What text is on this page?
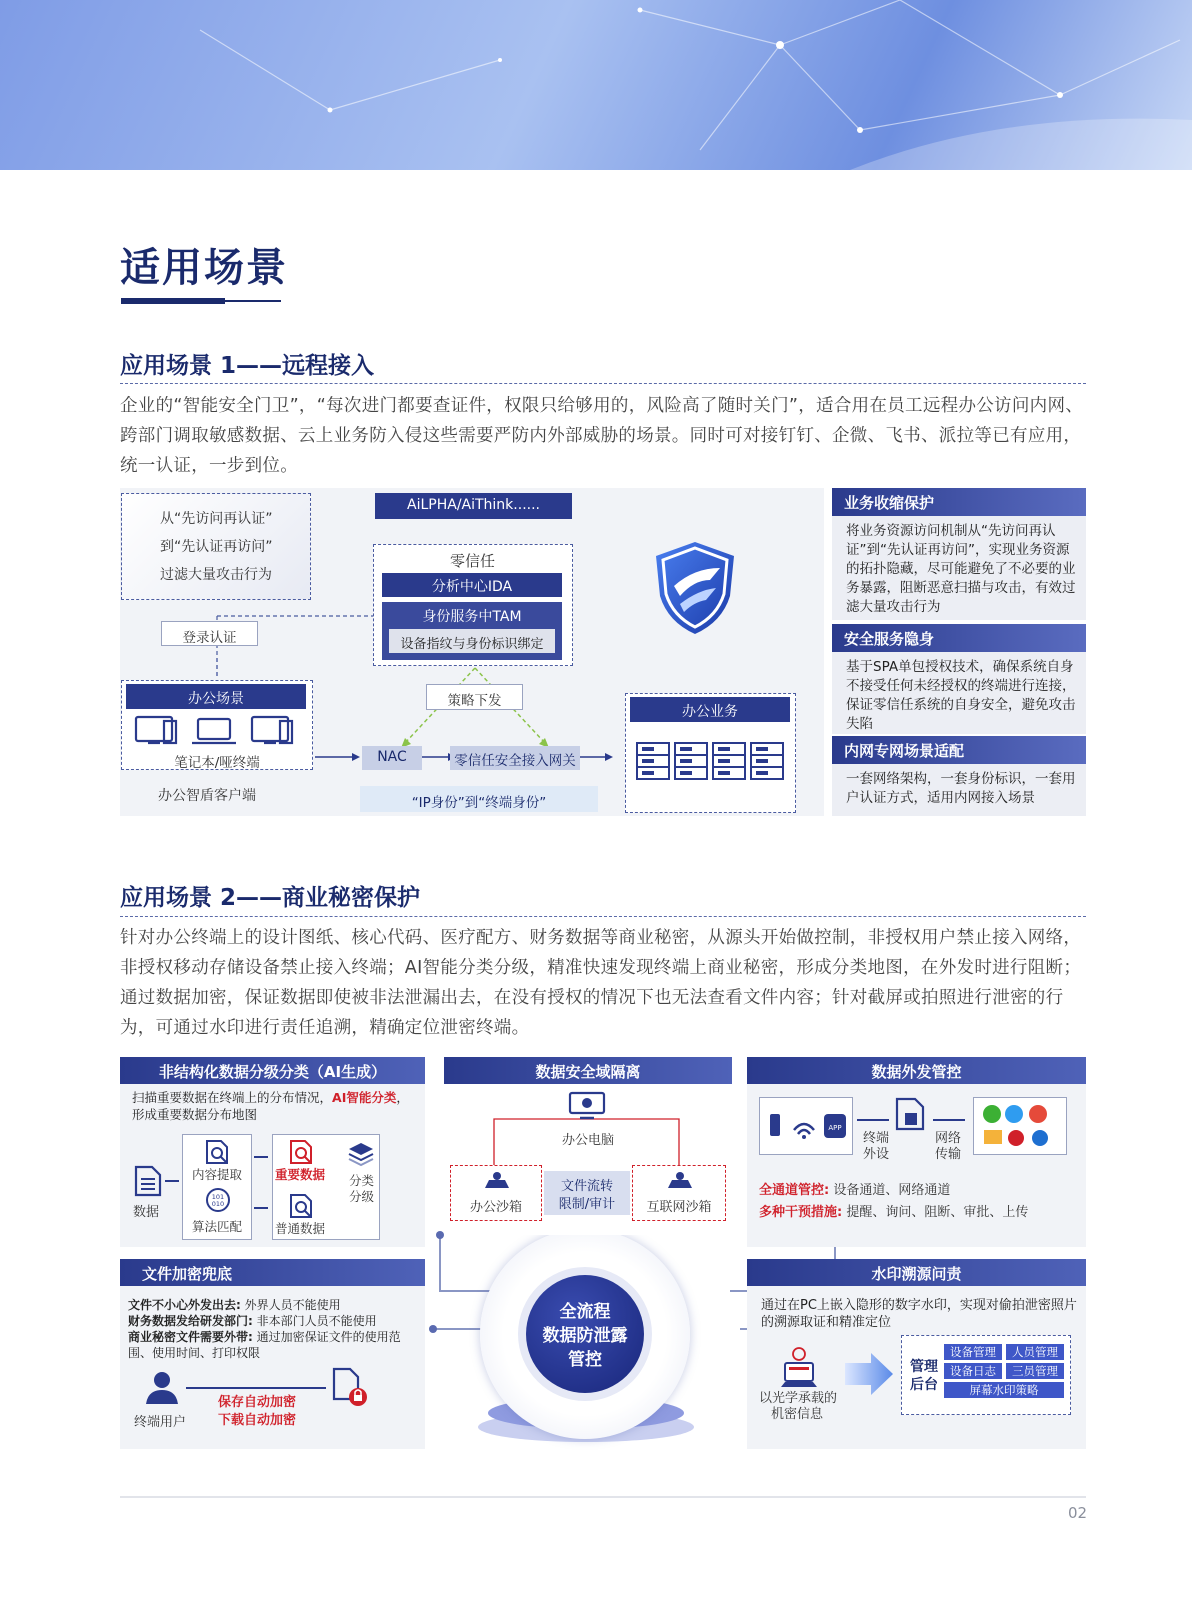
适用场景
应用场景 1——远程接入
企业的“智能安全门卫”，“每次进门都要查证件，权限只给够用的，风险高了随时关门”，适合用在员工远程办公访问内网、跨部门调取敏感数据、云上业务防入侵这些需要严防内外部威胁的场景。同时可对接钉钉、企微、飞书、派拉等已有应用，统一认证，一步到位。
从“先访问再认证”
到“先认证再访问”
过滤大量攻击行为
AiLPHA/AiThink......
零信任
分析中心IDA
身份服务中TAM
设备指纹与身份标识绑定
登录认证
策略下发
办公场景
笔记本/哑终端
办公智盾客户端
NAC	零信任安全接入网关
“IP身份”到“终端身份”
办公业务
业务收缩保护
将业务资源访问机制从“先访问再认证”到“先认证再访问”，实现业务资源的拓扑隐藏，尽可能避免了不必要的业务暴露，阻断恶意扫描与攻击，有效过滤大量攻击行为
安全服务隐身
基于SPA单包授权技术，确保系统自身不接受任何未经授权的终端进行连接，保证零信任系统的自身安全，避免攻击失陷
内网专网场景适配
一套网络架构，一套身份标识，一套用户认证方式，适用内网接入场景
应用场景 2——商业秘密保护
针对办公终端上的设计图纸、核心代码、医疗配方、财务数据等商业秘密，从源头开始做控制，非授权用户禁止接入网络，非授权移动存储设备禁止接入终端；AI智能分类分级，精准快速发现终端上商业秘密，形成分类地图，在外发时进行阻断；通过数据加密，保证数据即使被非法泄漏出去，在没有授权的情况下也无法查看文件内容；针对截屏或拍照进行泄密的行为，可通过水印进行责任追溯，精确定位泄密终端。
全流程
数据防泄露
管控
非结构化数据分级分类（AI生成）
扫描重要数据在终端上的分布情况，AI智能分类，形成重要数据分布地图
数据
内容提取
101
010
算法匹配
重要数据 分类
分级
普通数据
数据安全域隔离
办公电脑
办公沙箱	互联网沙箱
文件流转
限制/审计
数据外发管控
APP
终端
外设
网络
传输
全通道管控: 设备通道、网络通道
多种干预措施: 提醒、询问、阻断、审批、上传
文件加密兜底
文件不小心外发出去: 外界人员不能使用
财务数据发给研发部门: 非本部门人员不能使用
商业秘密文件需要外带: 通过加密保证文件的使用范围、使用时间、打印权限
终端用户
保存自动加密
下载自动加密
水印溯源问责
通过在PC上嵌入隐形的数字水印，实现对偷拍泄密照片的溯源取证和精准定位
以光学承载的
机密信息
管理
后台
设备管理	人员管理
设备日志	三员管理
屏幕水印策略
02
